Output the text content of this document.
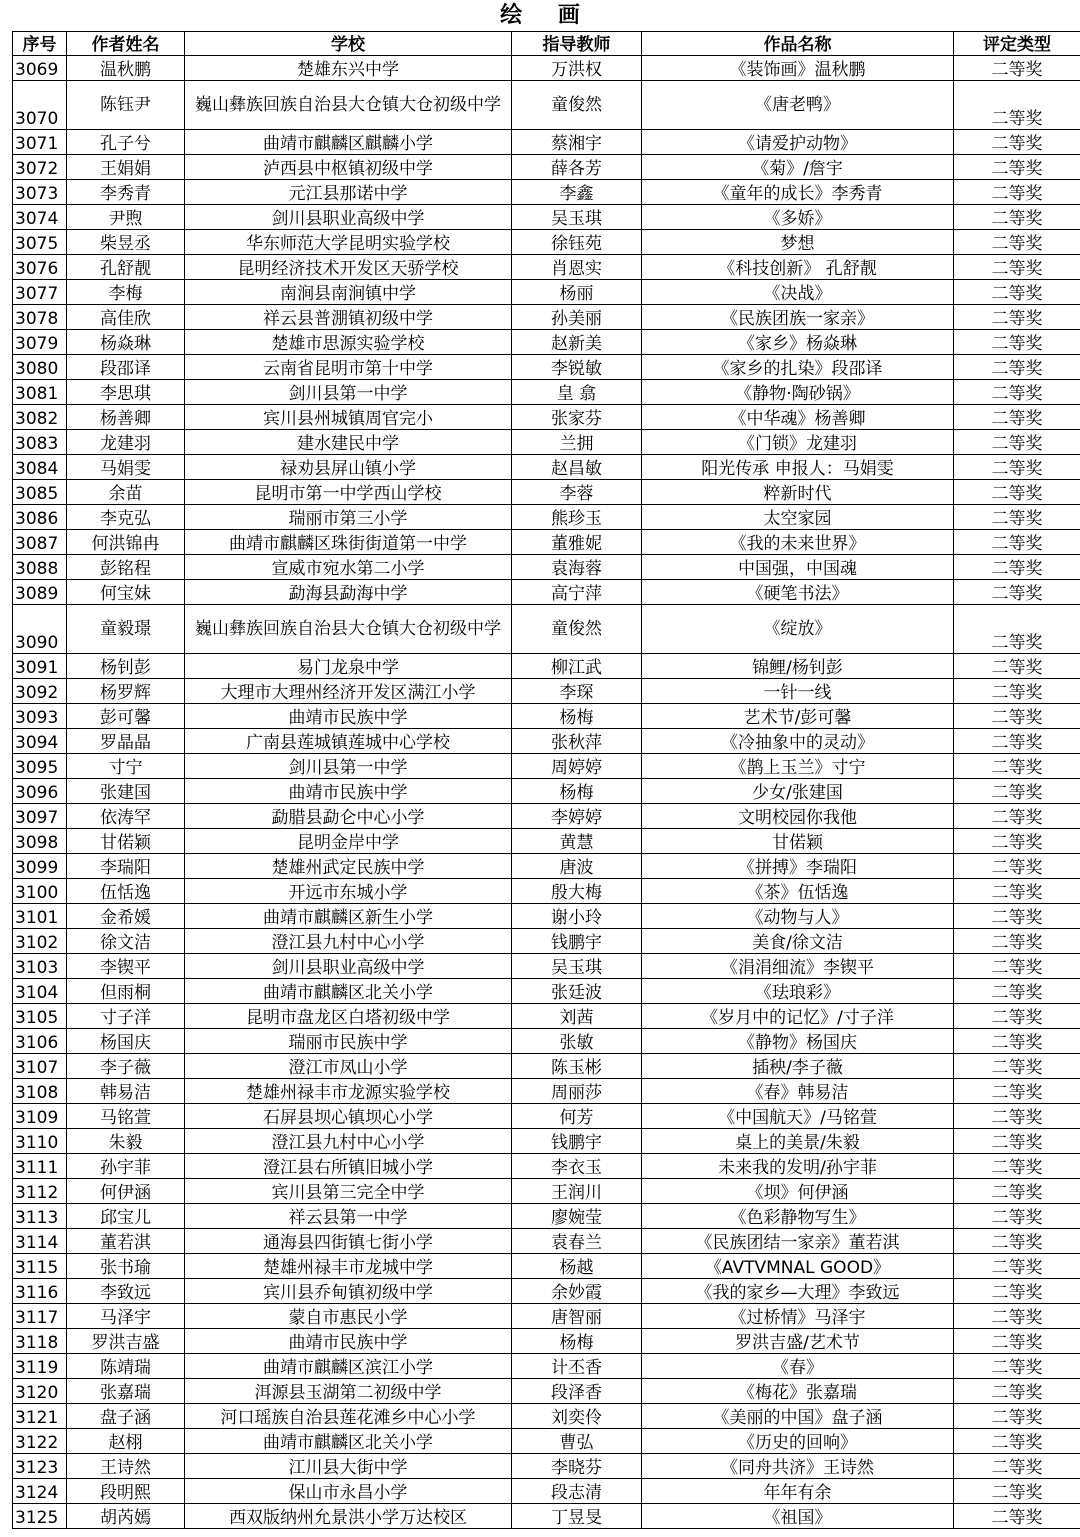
绘 画
序号	作者姓名	学校	指导教师	作品名称	评定类型
3069	温秋鹏	楚雄东兴中学	万洪权	《装饰画》温秋鹏	二等奖
3070	陈钰尹	巍山彝族回族自治县大仓镇大仓初级中学	童俊然	《唐老鸭》	二等奖
3071	孔子兮	曲靖市麒麟区麒麟小学	蔡湘宇	《请爱护动物》	二等奖
3072	王娟娟	泸西县中枢镇初级中学	薛各芳	《菊》/詹宇	二等奖
3073	李秀青	元江县那诺中学	李鑫	《童年的成长》李秀青	二等奖
3074	尹煦	剑川县职业高级中学	吴玉琪	《多娇》	二等奖
3075	柴昱丞	华东师范大学昆明实验学校	徐钰苑	梦想	二等奖
3076	孔舒靓	昆明经济技术开发区天骄学校	肖恩实	《科技创新》 孔舒靓	二等奖
3077	李梅	南涧县南涧镇中学	杨丽	《决战》	二等奖
3078	高佳欣	祥云县普淜镇初级中学	孙美丽	《民族团族一家亲》	二等奖
3079	杨焱琳	楚雄市思源实验学校	赵新美	《家乡》杨焱琳	二等奖
3080	段邵译	云南省昆明市第十中学	李锐敏	《家乡的扎染》段邵译	二等奖
3081	李思琪	剑川县第一中学	皇 翕	《静物·陶砂锅》	二等奖
3082	杨善卿	宾川县州城镇周官完小	张家芬	《中华魂》杨善卿	二等奖
3083	龙建羽	建水建民中学	兰拥	《门锁》龙建羽	二等奖
3084	马娟雯	禄劝县屏山镇小学	赵昌敏	阳光传承 申报人：马娟雯	二等奖
3085	余苗	昆明市第一中学西山学校	李蓉	粹新时代	二等奖
3086	李克弘	瑞丽市第三小学	熊珍玉	太空家园	二等奖
3087	何洪锦冉	曲靖市麒麟区珠街街道第一中学	董雅妮	《我的未来世界》	二等奖
3088	彭铭程	宣威市宛水第二小学	袁海蓉	中国强，中国魂	二等奖
3089	何宝妹	勐海县勐海中学	高宁萍	《硬笔书法》	二等奖
3090	童毅璟	巍山彝族回族自治县大仓镇大仓初级中学	童俊然	《绽放》	二等奖
3091	杨钊彭	易门龙泉中学	柳江武	锦鲤/杨钊彭	二等奖
3092	杨罗辉	大理市大理州经济开发区满江小学	李琛	一针一线	二等奖
3093	彭可馨	曲靖市民族中学	杨梅	艺术节/彭可馨	二等奖
3094	罗晶晶	广南县莲城镇莲城中心学校	张秋萍	《冷抽象中的灵动》	二等奖
3095	寸宁	剑川县第一中学	周婷婷	《鹊上玉兰》寸宁	二等奖
3096	张建国	曲靖市民族中学	杨梅	少女/张建国	二等奖
3097	依涛罕	勐腊县勐仑中心小学	李婷婷	文明校园你我他	二等奖
3098	甘偌颖	昆明金岸中学	黄慧	甘偌颖	二等奖
3099	李瑞阳	楚雄州武定民族中学	唐波	《拼搏》李瑞阳	二等奖
3100	伍恬逸	开远市东城小学	殷大梅	《茶》伍恬逸	二等奖
3101	金希媛	曲靖市麒麟区新生小学	谢小玲	《动物与人》	二等奖
3102	徐文洁	澄江县九村中心小学	钱鹏宇	美食/徐文洁	二等奖
3103	李锲平	剑川县职业高级中学	吴玉琪	《涓涓细流》李锲平	二等奖
3104	但雨桐	曲靖市麒麟区北关小学	张廷波	《珐琅彩》	二等奖
3105	寸子洋	昆明市盘龙区白塔初级中学	刘茜	《岁月中的记忆》/寸子洋	二等奖
3106	杨国庆	瑞丽市民族中学	张敏	《静物》杨国庆	二等奖
3107	李子薇	澄江市凤山小学	陈玉彬	插秧/李子薇	二等奖
3108	韩易洁	楚雄州禄丰市龙源实验学校	周丽莎	《春》韩易洁	二等奖
3109	马铭萱	石屏县坝心镇坝心小学	何芳	《中国航天》/马铭萱	二等奖
3110	朱毅	澄江县九村中心小学	钱鹏宇	桌上的美景/朱毅	二等奖
3111	孙宇菲	澄江县右所镇旧城小学	李衣玉	未来我的发明/孙宇菲	二等奖
3112	何伊涵	宾川县第三完全中学	王润川	《坝》何伊涵	二等奖
3113	邱宝儿	祥云县第一中学	廖婉莹	《色彩静物写生》	二等奖
3114	董若淇	通海县四街镇七街小学	袁春兰	《民族团结一家亲》董若淇	二等奖
3115	张书瑜	楚雄州禄丰市龙城中学	杨越	《AVTVMNAL GOOD》	二等奖
3116	李致远	宾川县乔甸镇初级中学	余妙霞	《我的家乡—大理》李致远	二等奖
3117	马泽宇	蒙自市惠民小学	唐智丽	《过桥情》马泽宇	二等奖
3118	罗洪吉盛	曲靖市民族中学	杨梅	罗洪吉盛/艺术节	二等奖
3119	陈靖瑞	曲靖市麒麟区滨江小学	计丕香	《春》	二等奖
3120	张嘉瑞	洱源县玉湖第二初级中学	段泽香	《梅花》张嘉瑞	二等奖
3121	盘子涵	河口瑶族自治县莲花滩乡中心小学	刘奕伶	《美丽的中国》盘子涵	二等奖
3122	赵栩	曲靖市麒麟区北关小学	曹弘	《历史的回响》	二等奖
3123	王诗然	江川县大街中学	李晓芬	《同舟共济》王诗然	二等奖
3124	段明熙	保山市永昌小学	段志清	年年有余	二等奖
3125	胡芮嫣	西双版纳州允景洪小学万达校区	丁昱旻	《祖国》	二等奖
